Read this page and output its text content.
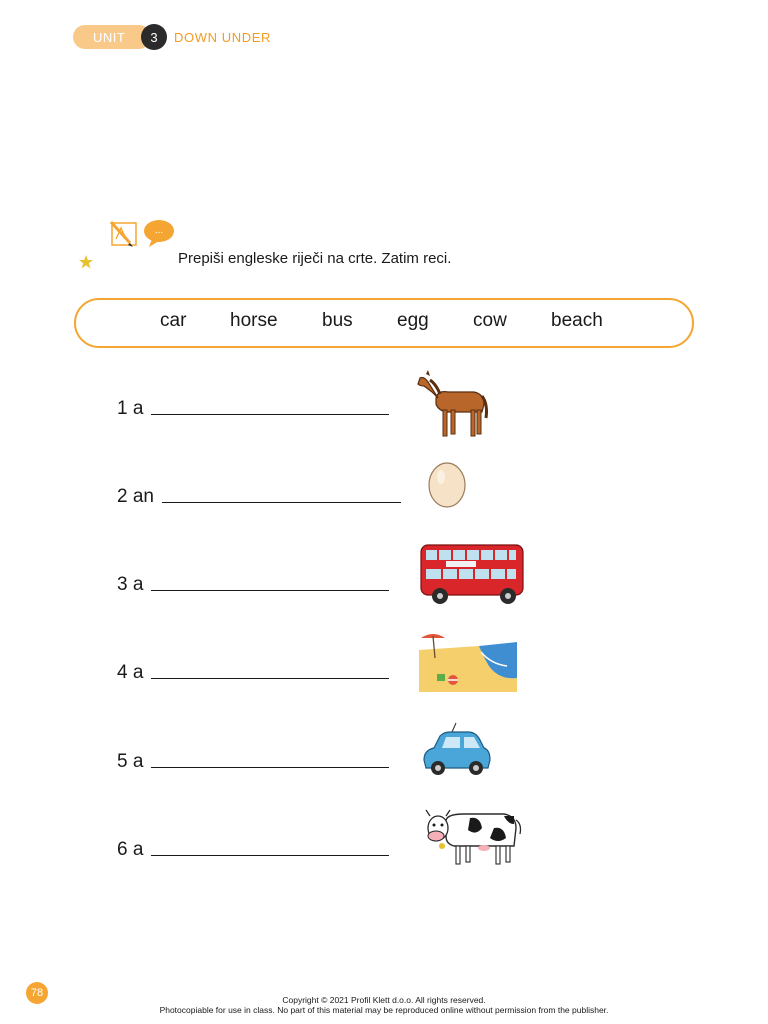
UNIT	3	DOWN UNDER
...
Prepiši engleske riječi na crte. Zatim reci.
car horse bus egg cow beach
1 a
2 an
3 a
4 a
5 a
6 a
78
Copyright © 2021 Profil Klett d.o.o. All rights reserved.
Photocopiable for use in class. No part of this material may be reproduced online without permission from the publisher.
